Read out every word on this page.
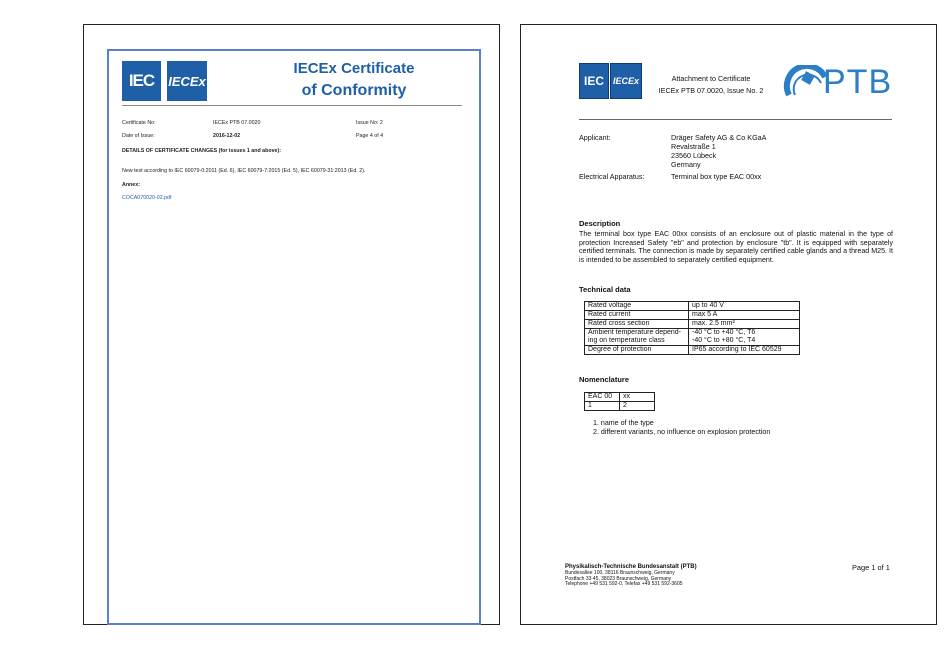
IEC	IECEx
IECEx Certificate
of Conformity
Certificate No:	IECEx PTB 07.0020	Issue No: 2
Date of Issue:	2016-12-02	Page 4 of 4
DETAILS OF CERTIFICATE CHANGES (for issues 1 and above):
New test according to IEC 60079-0:2011 (Ed. 6), IEC 60079-7:2015 (Ed. 5), IEC 60079-31:2013 (Ed. 2).
Annex:
COCA070020-02.pdf
IEC IECEx	Attachment to Certificate
IECEx PTB 07.0020, Issue No. 2	PTB
Applicant:	Dräger Safety AG & Co KGaA
Revalstraße 1
23560 Lübeck
Germany
Electrical Apparatus:	Terminal box type EAC 00xx
Description
The terminal box type EAC 00xx consists of an enclosure out of plastic material in the type of protection Increased Safety "eb" and protection by enclosure "tb". It is equipped with separately certified terminals. The connection is made by separately certified cable glands and a thread M25. It is intended to be assembled to separately certified equipment.
Technical data
Rated voltage	up to 40 V
Rated current	max 5 A
Rated cross section	max. 2.5 mm²
Ambient temperature depend-	-40 °C to +40 °C, T6
ing on temperature class	-40 °C to +80 °C, T4
Degree of protection	IP65 according to IEC 60529
Nomenclature
EAC 00	xx
1	2
1. name of the type
2. different variants, no influence on explosion protection
Physikalisch-Technische Bundesanstalt (PTB)
Bundesallee 100, 38116 Braunschweig, Germany
Postfach 33 45, 38023 Braunschweig, Germany
Telephone +49 531 592-0, Telefax +49 531 592-3605
Page 1 of 1
